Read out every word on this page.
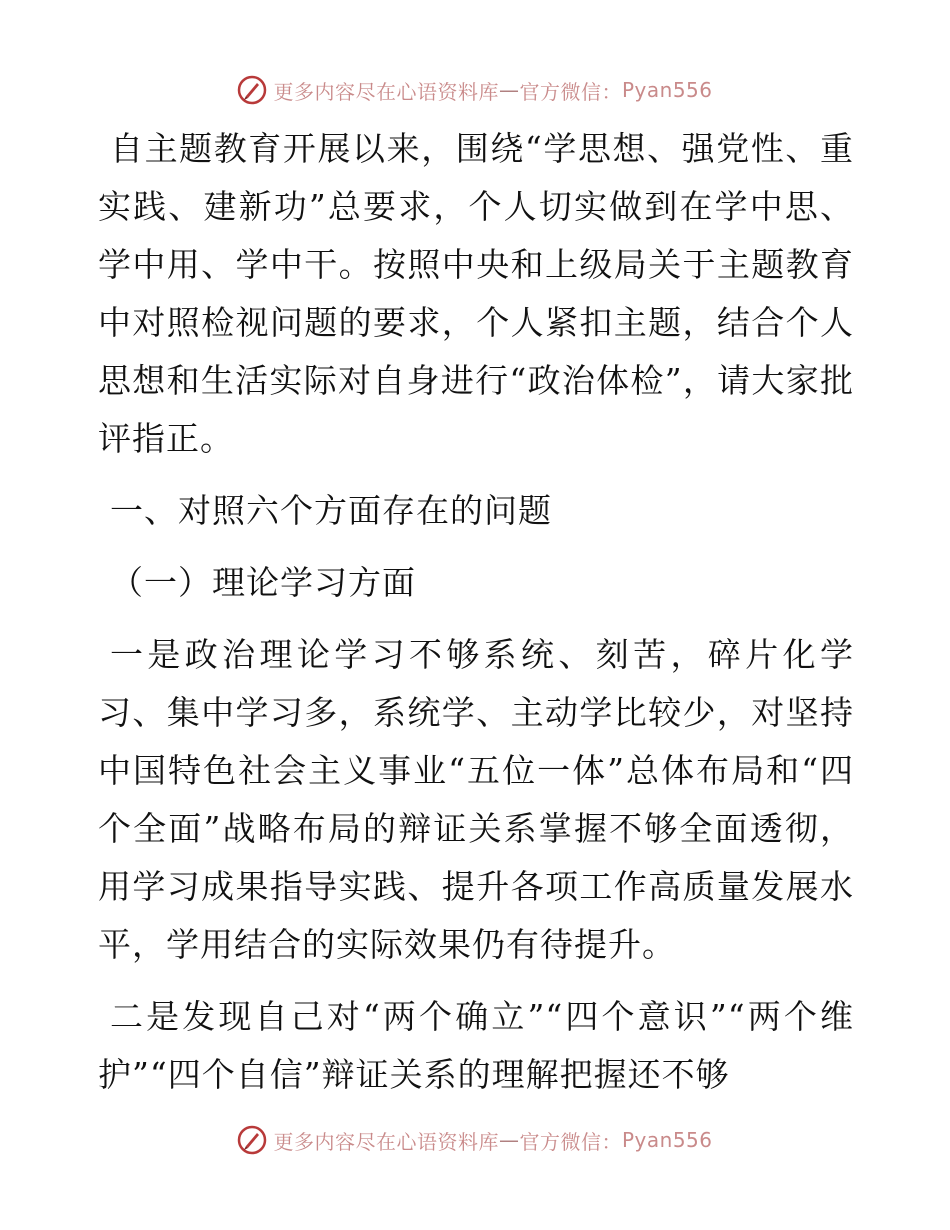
更多内容尽在心语资料库 — 官方微信： Pyan556

自主题教育开展以来，围绕“学思想、强党性、重实践、建新功”总要求，个人切实做到在学中思、学中用、学中干。按照中央和上级局关于主题教育中对照检视问题的要求，个人紧扣主题，结合个人思想和生活实际对自身进行“政治体检”，请大家批评指正。

一、对照六个方面存在的问题

（一）理论学习方面

一是政治理论学习不够系统、刻苦，碎片化学习、集中学习多，系统学、主动学比较少，对坚持中国特色社会主义事业“五位一体”总体布局和“四个全面”战略布局的辩证关系掌握不够全面透彻，用学习成果指导实践、提升各项工作高质量发展水平，学用结合的实际效果仍有待提升。

二是发现自己对“两个确立”“四个意识”“两个维护”“四个自信”辩证关系的理解把握还不够

更多内容尽在心语资料库 — 官方微信： Pyan556
